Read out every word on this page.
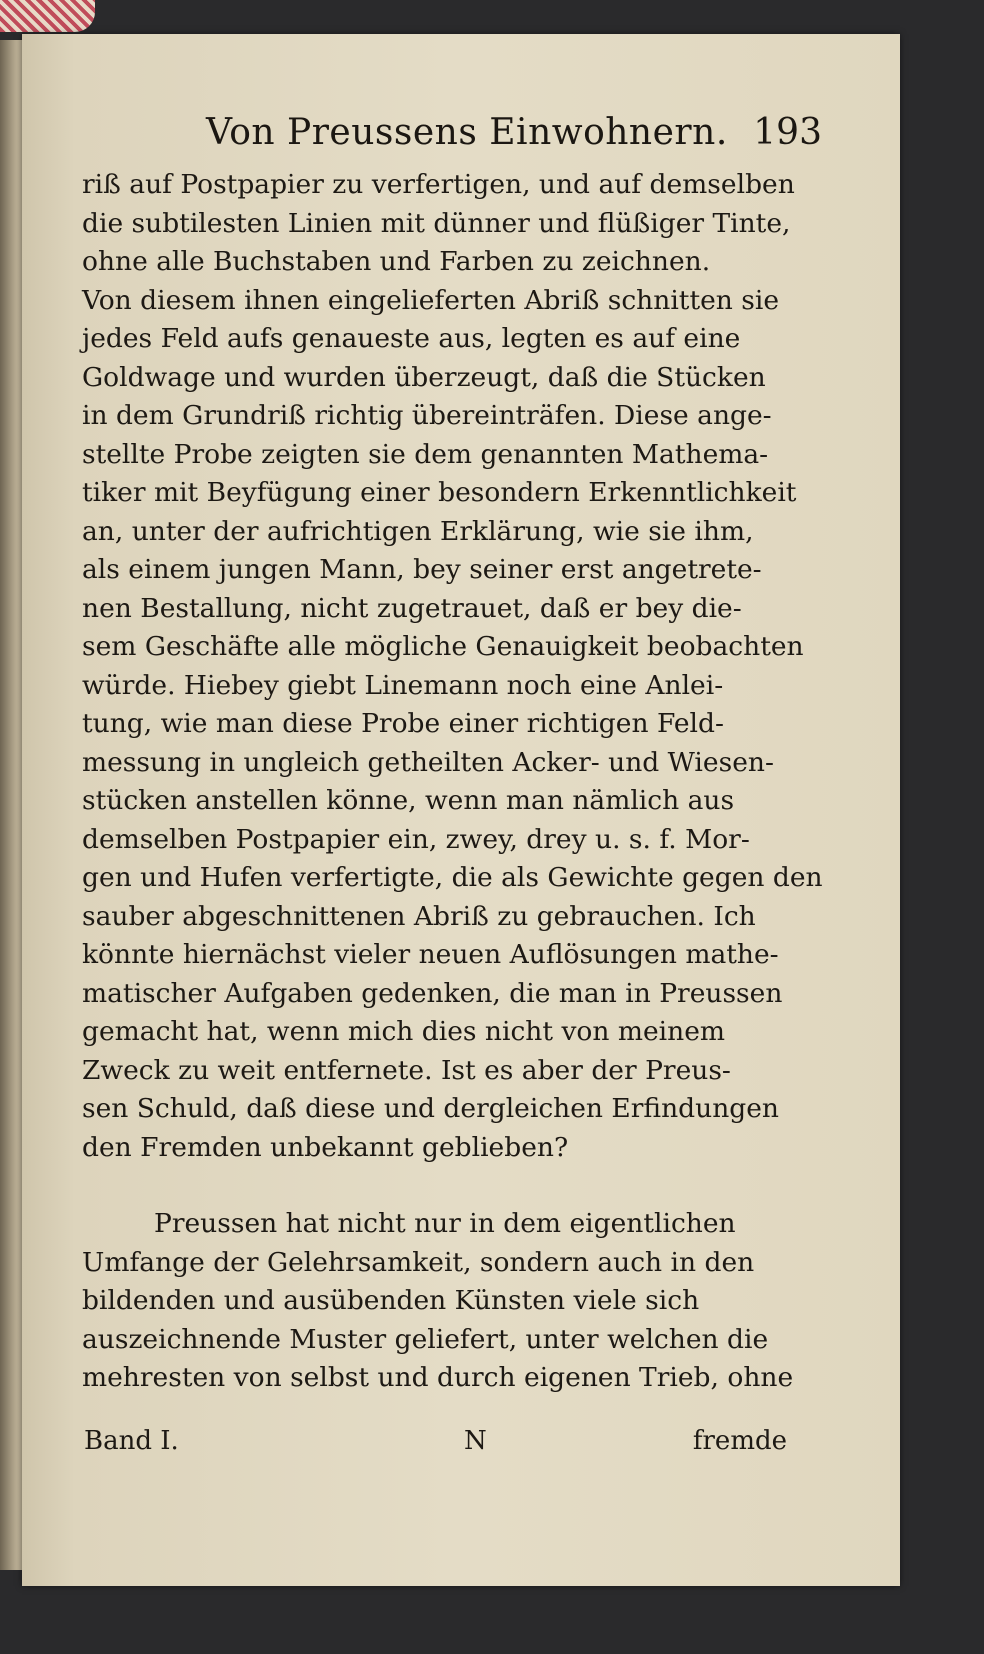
Von Preussens Einwohnern. 193
riß auf Postpapier zu verfertigen, und auf demselben
die subtilesten Linien mit dünner und flüßiger Tinte,
ohne alle Buchstaben und Farben zu zeichnen.
Von diesem ihnen eingelieferten Abriß schnitten sie
jedes Feld aufs genaueste aus, legten es auf eine
Goldwage und wurden überzeugt, daß die Stücken
in dem Grundriß richtig übereinträfen. Diese ange-
stellte Probe zeigten sie dem genannten Mathema-
tiker mit Beyfügung einer besondern Erkenntlichkeit
an, unter der aufrichtigen Erklärung, wie sie ihm,
als einem jungen Mann, bey seiner erst angetrete-
nen Bestallung, nicht zugetrauet, daß er bey die-
sem Geschäfte alle mögliche Genauigkeit beobachten
würde. Hiebey giebt Linemann noch eine Anlei-
tung, wie man diese Probe einer richtigen Feld-
messung in ungleich getheilten Acker- und Wiesen-
stücken anstellen könne, wenn man nämlich aus
demselben Postpapier ein, zwey, drey u. s. f. Mor-
gen und Hufen verfertigte, die als Gewichte gegen den
sauber abgeschnittenen Abriß zu gebrauchen. Ich
könnte hiernächst vieler neuen Auflösungen mathe-
matischer Aufgaben gedenken, die man in Preussen
gemacht hat, wenn mich dies nicht von meinem
Zweck zu weit entfernete. Ist es aber der Preus-
sen Schuld, daß diese und dergleichen Erfindungen
den Fremden unbekannt geblieben?
Preussen hat nicht nur in dem eigentlichen
Umfange der Gelehrsamkeit, sondern auch in den
bildenden und ausübenden Künsten viele sich
auszeichnende Muster geliefert, unter welchen die
mehresten von selbst und durch eigenen Trieb, ohne
Band I.	N	fremde
